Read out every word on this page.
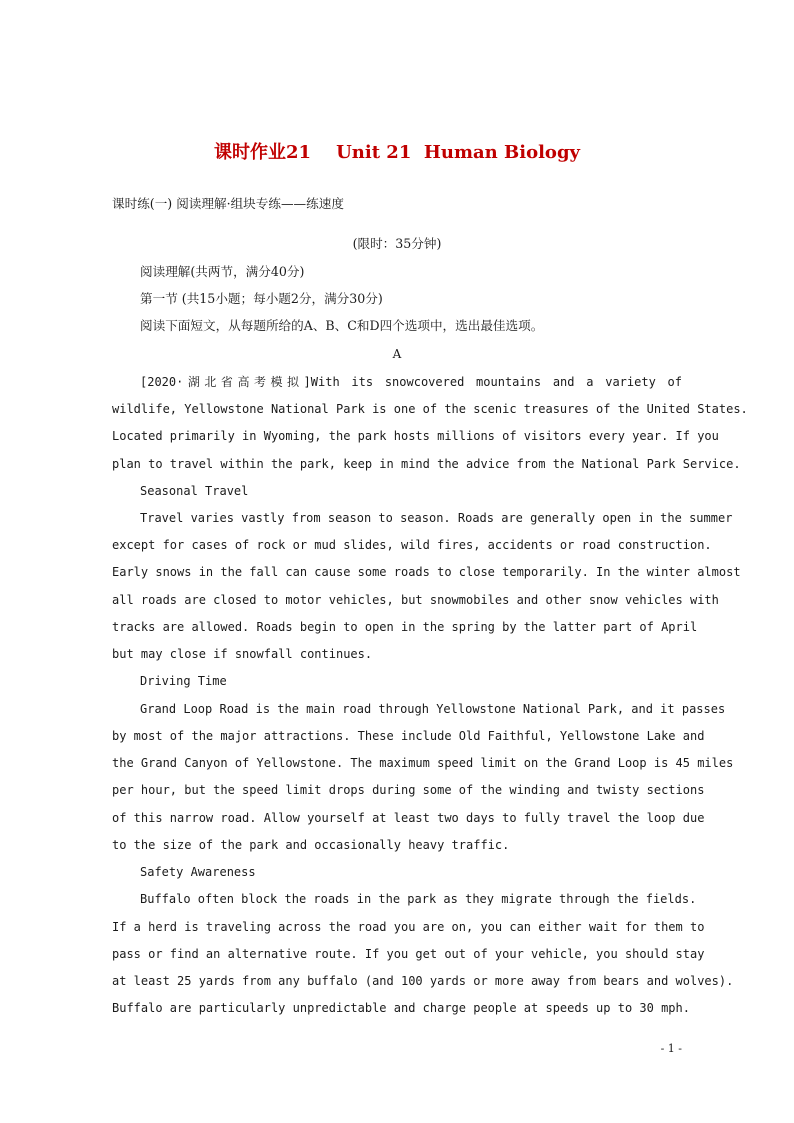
课时作业21    Unit 21  Human Biology
课时练(一) 阅读理解·组块专练——练速度
(限时：35分钟)
阅读理解(共两节，满分40分)
第一节 (共15小题；每小题2分，满分30分)
阅读下面短文，从每题所给的A、B、C和D四个选项中，选出最佳选项。
A
[2020·湖北省高考模拟]With its snowcovered mountains and a variety of
wildlife, Yellowstone National Park is one of the scenic treasures of the United States.
Located primarily in Wyoming, the park hosts millions of visitors every year. If you
plan to travel within the park, keep in mind the advice from the National Park Service.
Seasonal Travel
Travel varies vastly from season to season. Roads are generally open in the summer
except for cases of rock or mud slides, wild fires, accidents or road construction.
Early snows in the fall can cause some roads to close temporarily. In the winter almost
all roads are closed to motor vehicles, but snowmobiles and other snow vehicles with
tracks are allowed. Roads begin to open in the spring by the latter part of April
but may close if snowfall continues.
Driving Time
Grand Loop Road is the main road through Yellowstone National Park, and it passes
by most of the major attractions. These include Old Faithful, Yellowstone Lake and
the Grand Canyon of Yellowstone. The maximum speed limit on the Grand Loop is 45 miles
per hour, but the speed limit drops during some of the winding and twisty sections
of this narrow road. Allow yourself at least two days to fully travel the loop due
to the size of the park and occasionally heavy traffic.
Safety Awareness
Buffalo often block the roads in the park as they migrate through the fields.
If a herd is traveling across the road you are on, you can either wait for them to
pass or find an alternative route. If you get out of your vehicle, you should stay
at least 25 yards from any buffalo (and 100 yards or more away from bears and wolves).
Buffalo are particularly unpredictable and charge people at speeds up to 30 mph.
- 1 -
